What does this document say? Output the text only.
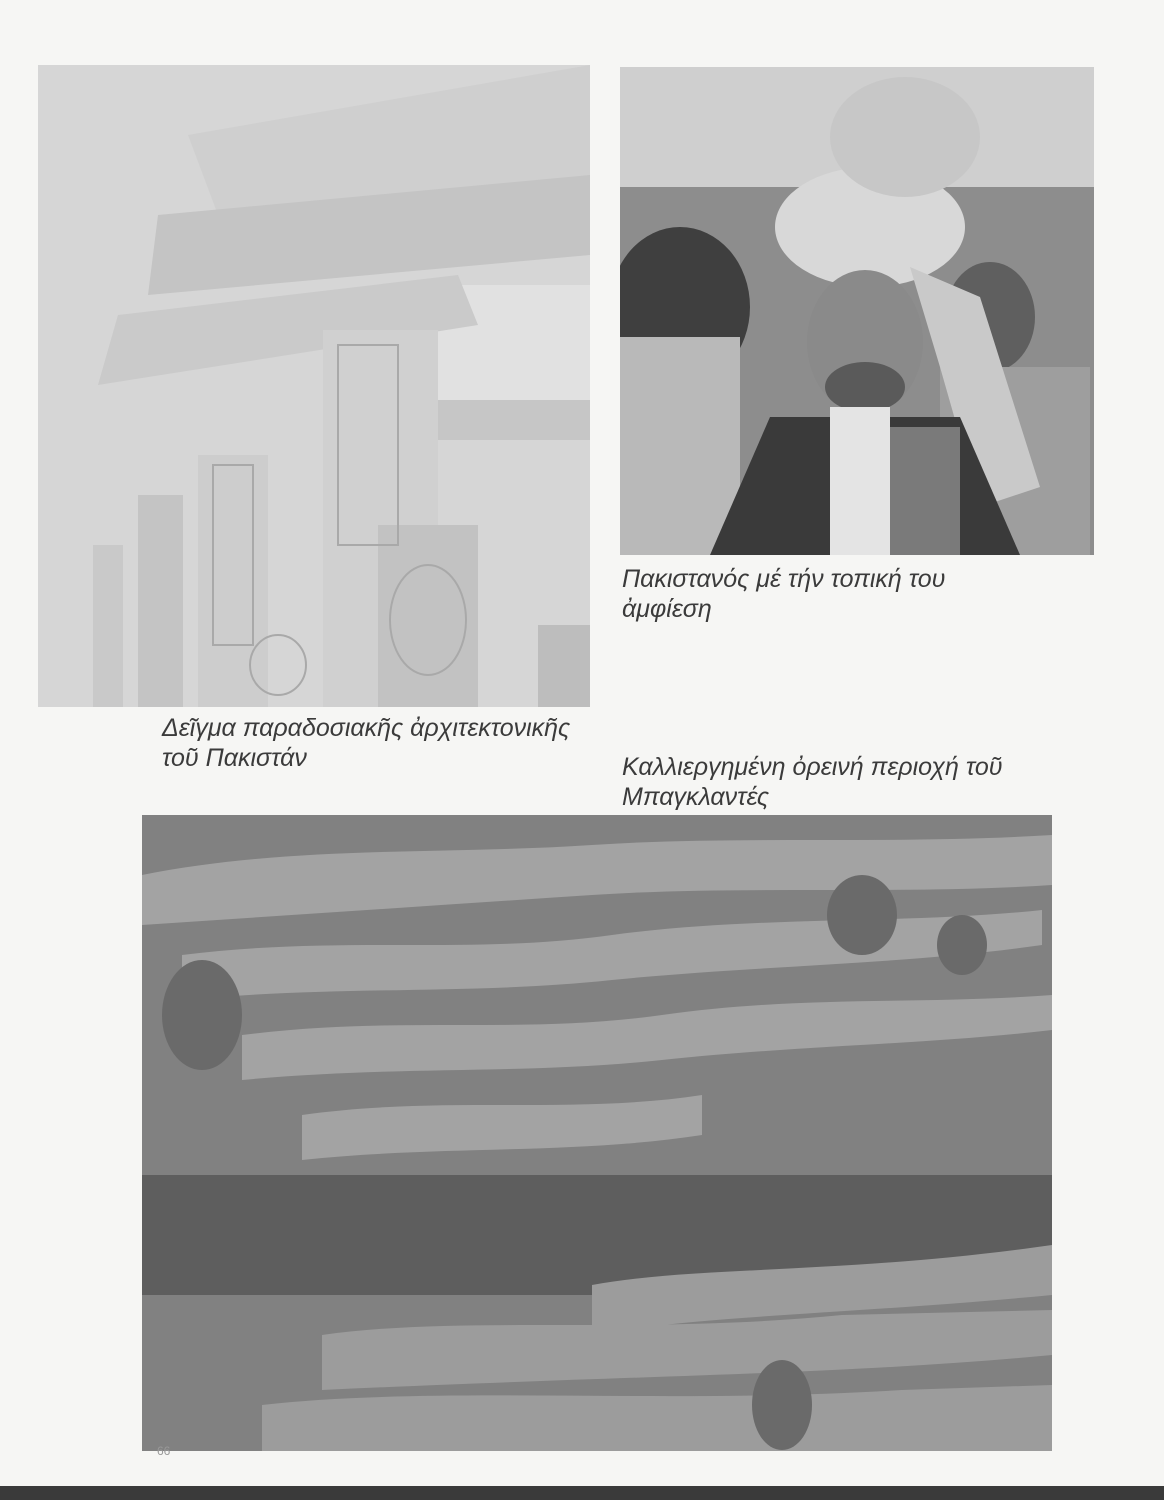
Δεῖγμα παραδοσιακῆς ἀρχιτεκτονικῆς
τοῦ Πακιστάν

Πακιστανός μέ τήν τοπική του
ἀμφίεση

Καλλιεργημένη ὀρεινή περιοχή τοῦ
Μπαγκλαντές

66
